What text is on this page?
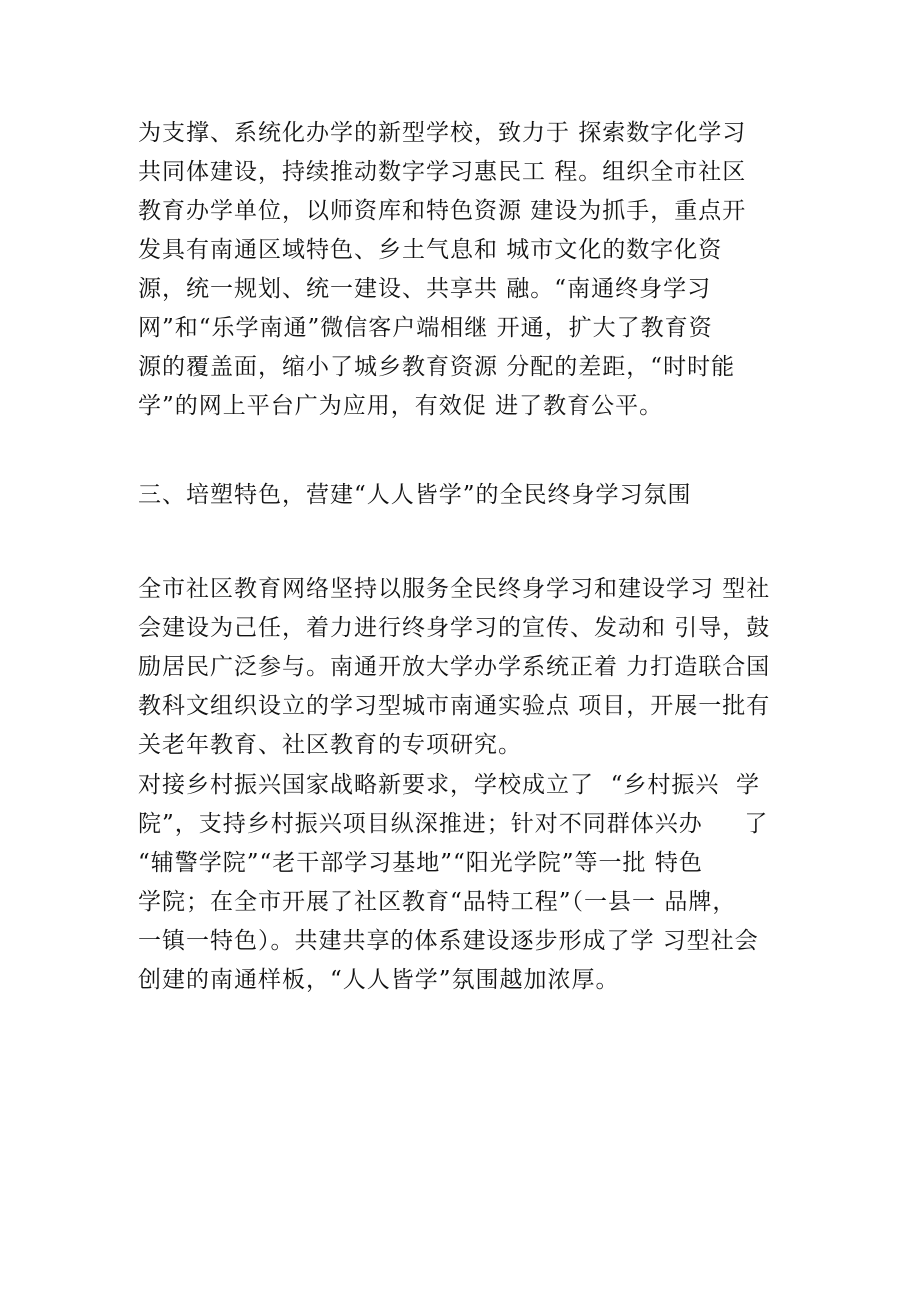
为支撑、系统化办学的新型学校，致力于 探索数字化学习
共同体建设，持续推动数字学习惠民工 程。组织全市社区
教育办学单位，以师资库和特色资源 建设为抓手，重点开
发具有南通区域特色、乡土气息和 城市文化的数字化资
源，统一规划、统一建设、共享共 融。“南通终身学习
网”和“乐学南通”微信客户端相继 开通，扩大了教育资
源的覆盖面，缩小了城乡教育资源 分配的差距，“时时能
学”的网上平台广为应用，有效促 进了教育公平。
三、培塑特色，营建“人人皆学”的全民终身学习氛围
全市社区教育网络坚持以服务全民终身学习和建设学习 型社
会建设为己任，着力进行终身学习的宣传、发动和 引导，鼓
励居民广泛参与。南通开放大学办学系统正着 力打造联合国
教科文组织设立的学习型城市南通实验点 项目，开展一批有
关老年教育、社区教育的专项研究。
对接乡村振兴国家战略新要求，学校成立了  “乡村振兴  学
院”，支持乡村振兴项目纵深推进；针对不同群体兴办     了
“辅警学院”“老干部学习基地”“阳光学院”等一批 特色
学院；在全市开展了社区教育“品特工程”（一县一 品牌，
一镇一特色）。共建共享的体系建设逐步形成了学 习型社会
创建的南通样板，“人人皆学”氛围越加浓厚。
